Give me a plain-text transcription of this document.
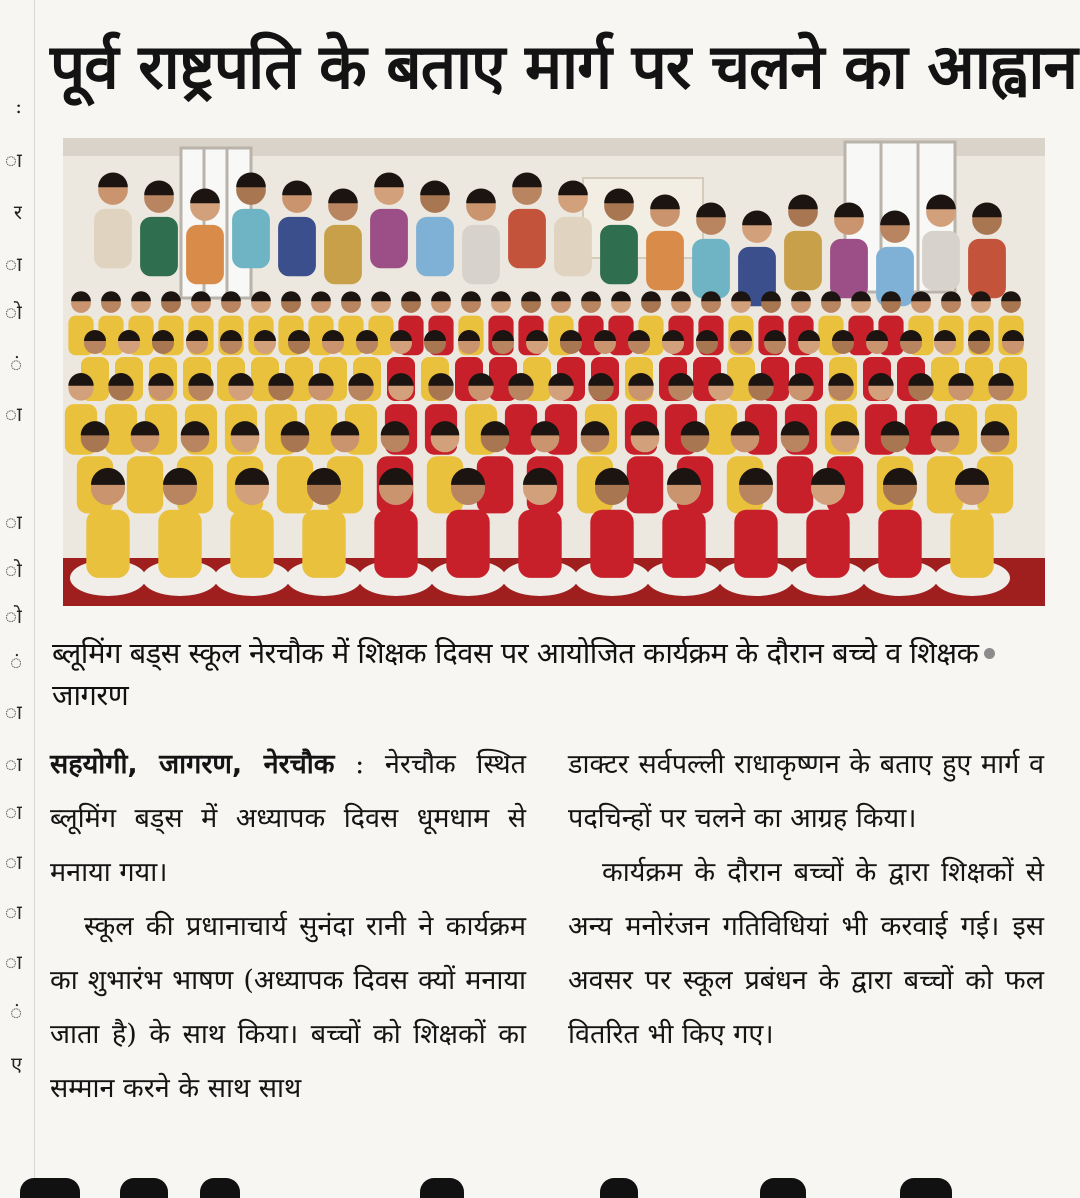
:
ा
र
ा
ो
ं
ा
ा
ो
ो
ं
ा
ा
ा
ा
ा
ा
ं
ए
पूर्व राष्ट्रपति के बताए मार्ग पर चलने का आह्वान
ब्लूमिंग बड्स स्कूल नेरचौक में शिक्षक दिवस पर आयोजित कार्यक्रम के दौरान बच्चे व शिक्षकजागरण

सहयोगी, जागरण, नेरचौक : नेरचौक स्थित ब्लूमिंग बड्स में अध्यापक दिवस धूमधाम से मनाया गया।

स्कूल की प्रधानाचार्य सुनंदा रानी ने कार्यक्रम का शुभारंभ भाषण (अध्यापक दिवस क्यों मनाया जाता है) के साथ किया। बच्चों को शिक्षकों का सम्मान करने के साथ साथ

डाक्टर सर्वपल्ली राधाकृष्णन के बताए हुए मार्ग व पदचिन्हों पर चलने का आग्रह किया।

कार्यक्रम के दौरान बच्चों के द्वारा शिक्षकों से अन्य मनोरंजन गतिविधियां भी करवाई गई। इस अवसर पर स्कूल प्रबंधन के द्वारा बच्चों को फल वितरित भी किए गए।
